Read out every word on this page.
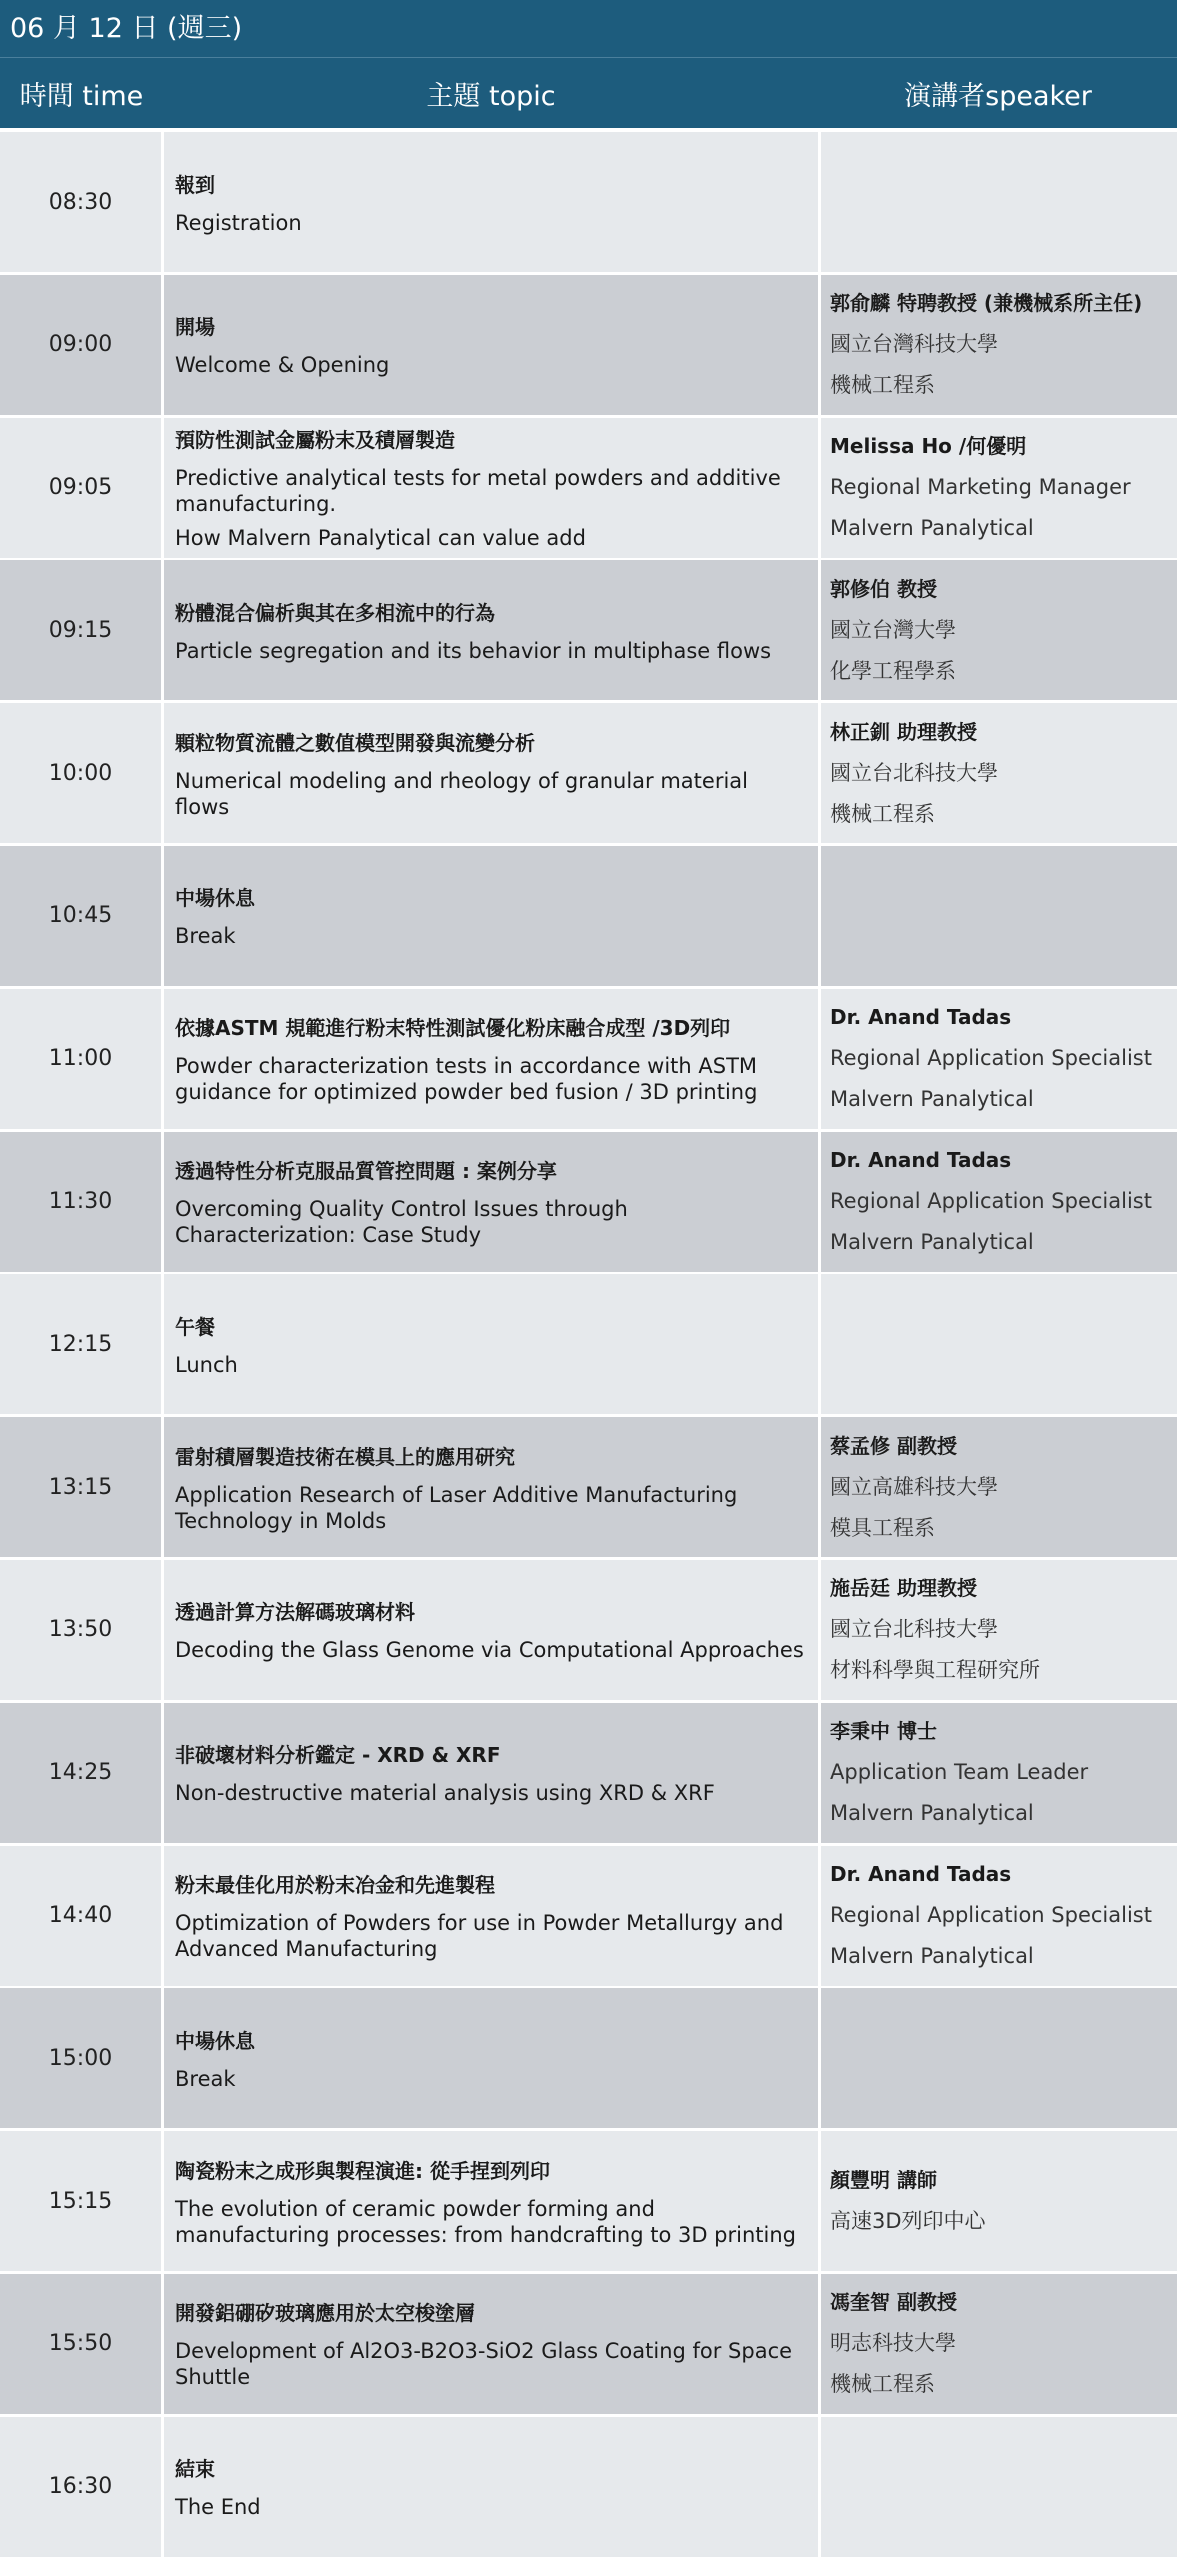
06 月 12 日 (週三)
時間 time	主題 topic	演講者speaker
08:30
報到
Registration
09:00
開場
Welcome & Opening
郭俞麟 特聘教授 (兼機械系所主任)
國立台灣科技大學
機械工程系
09:05
預防性測試金屬粉末及積層製造
Predictive analytical tests for metal powders and additive manufacturing.
How Malvern Panalytical can value add
Melissa Ho /何優明
Regional Marketing Manager
Malvern Panalytical
09:15
粉體混合偏析與其在多相流中的行為
Particle segregation and its behavior in multiphase flows
郭修伯 教授
國立台灣大學
化學工程學系
10:00
顆粒物質流體之數值模型開發與流變分析
Numerical modeling and rheology of granular material flows
林正釧 助理教授
國立台北科技大學
機械工程系
10:45
中場休息
Break
11:00
依據ASTM 規範進行粉末特性測試優化粉床融合成型 /3D列印
Powder characterization tests in accordance with ASTM guidance for optimized powder bed fusion / 3D printing
Dr. Anand Tadas
Regional Application Specialist
Malvern Panalytical
11:30
透過特性分析克服品質管控問題 : 案例分享
Overcoming Quality Control Issues through Characterization: Case Study
Dr. Anand Tadas
Regional Application Specialist
Malvern Panalytical
12:15
午餐
Lunch
13:15
雷射積層製造技術在模具上的應用研究
Application Research of Laser Additive Manufacturing Technology in Molds
蔡孟修 副教授
國立高雄科技大學
模具工程系
13:50
透過計算方法解碼玻璃材料
Decoding the Glass Genome via Computational Approaches
施岳廷 助理教授
國立台北科技大學
材料科學與工程研究所
14:25
非破壞材料分析鑑定 - XRD & XRF
Non-destructive material analysis using XRD & XRF
李秉中 博士
Application Team Leader
Malvern Panalytical
14:40
粉末最佳化用於粉末冶金和先進製程
Optimization of Powders for use in Powder Metallurgy and Advanced Manufacturing
Dr. Anand Tadas
Regional Application Specialist
Malvern Panalytical
15:00
中場休息
Break
15:15
陶瓷粉末之成形與製程演進: 從手捏到列印
The evolution of ceramic powder forming and manufacturing processes: from handcrafting to 3D printing
顏豐明 講師
高速3D列印中心
15:50
開發鋁硼矽玻璃應用於太空梭塗層
Development of Al2O3-B2O3-SiO2 Glass Coating for Space Shuttle
馮奎智 副教授
明志科技大學
機械工程系
16:30
結束
The End
